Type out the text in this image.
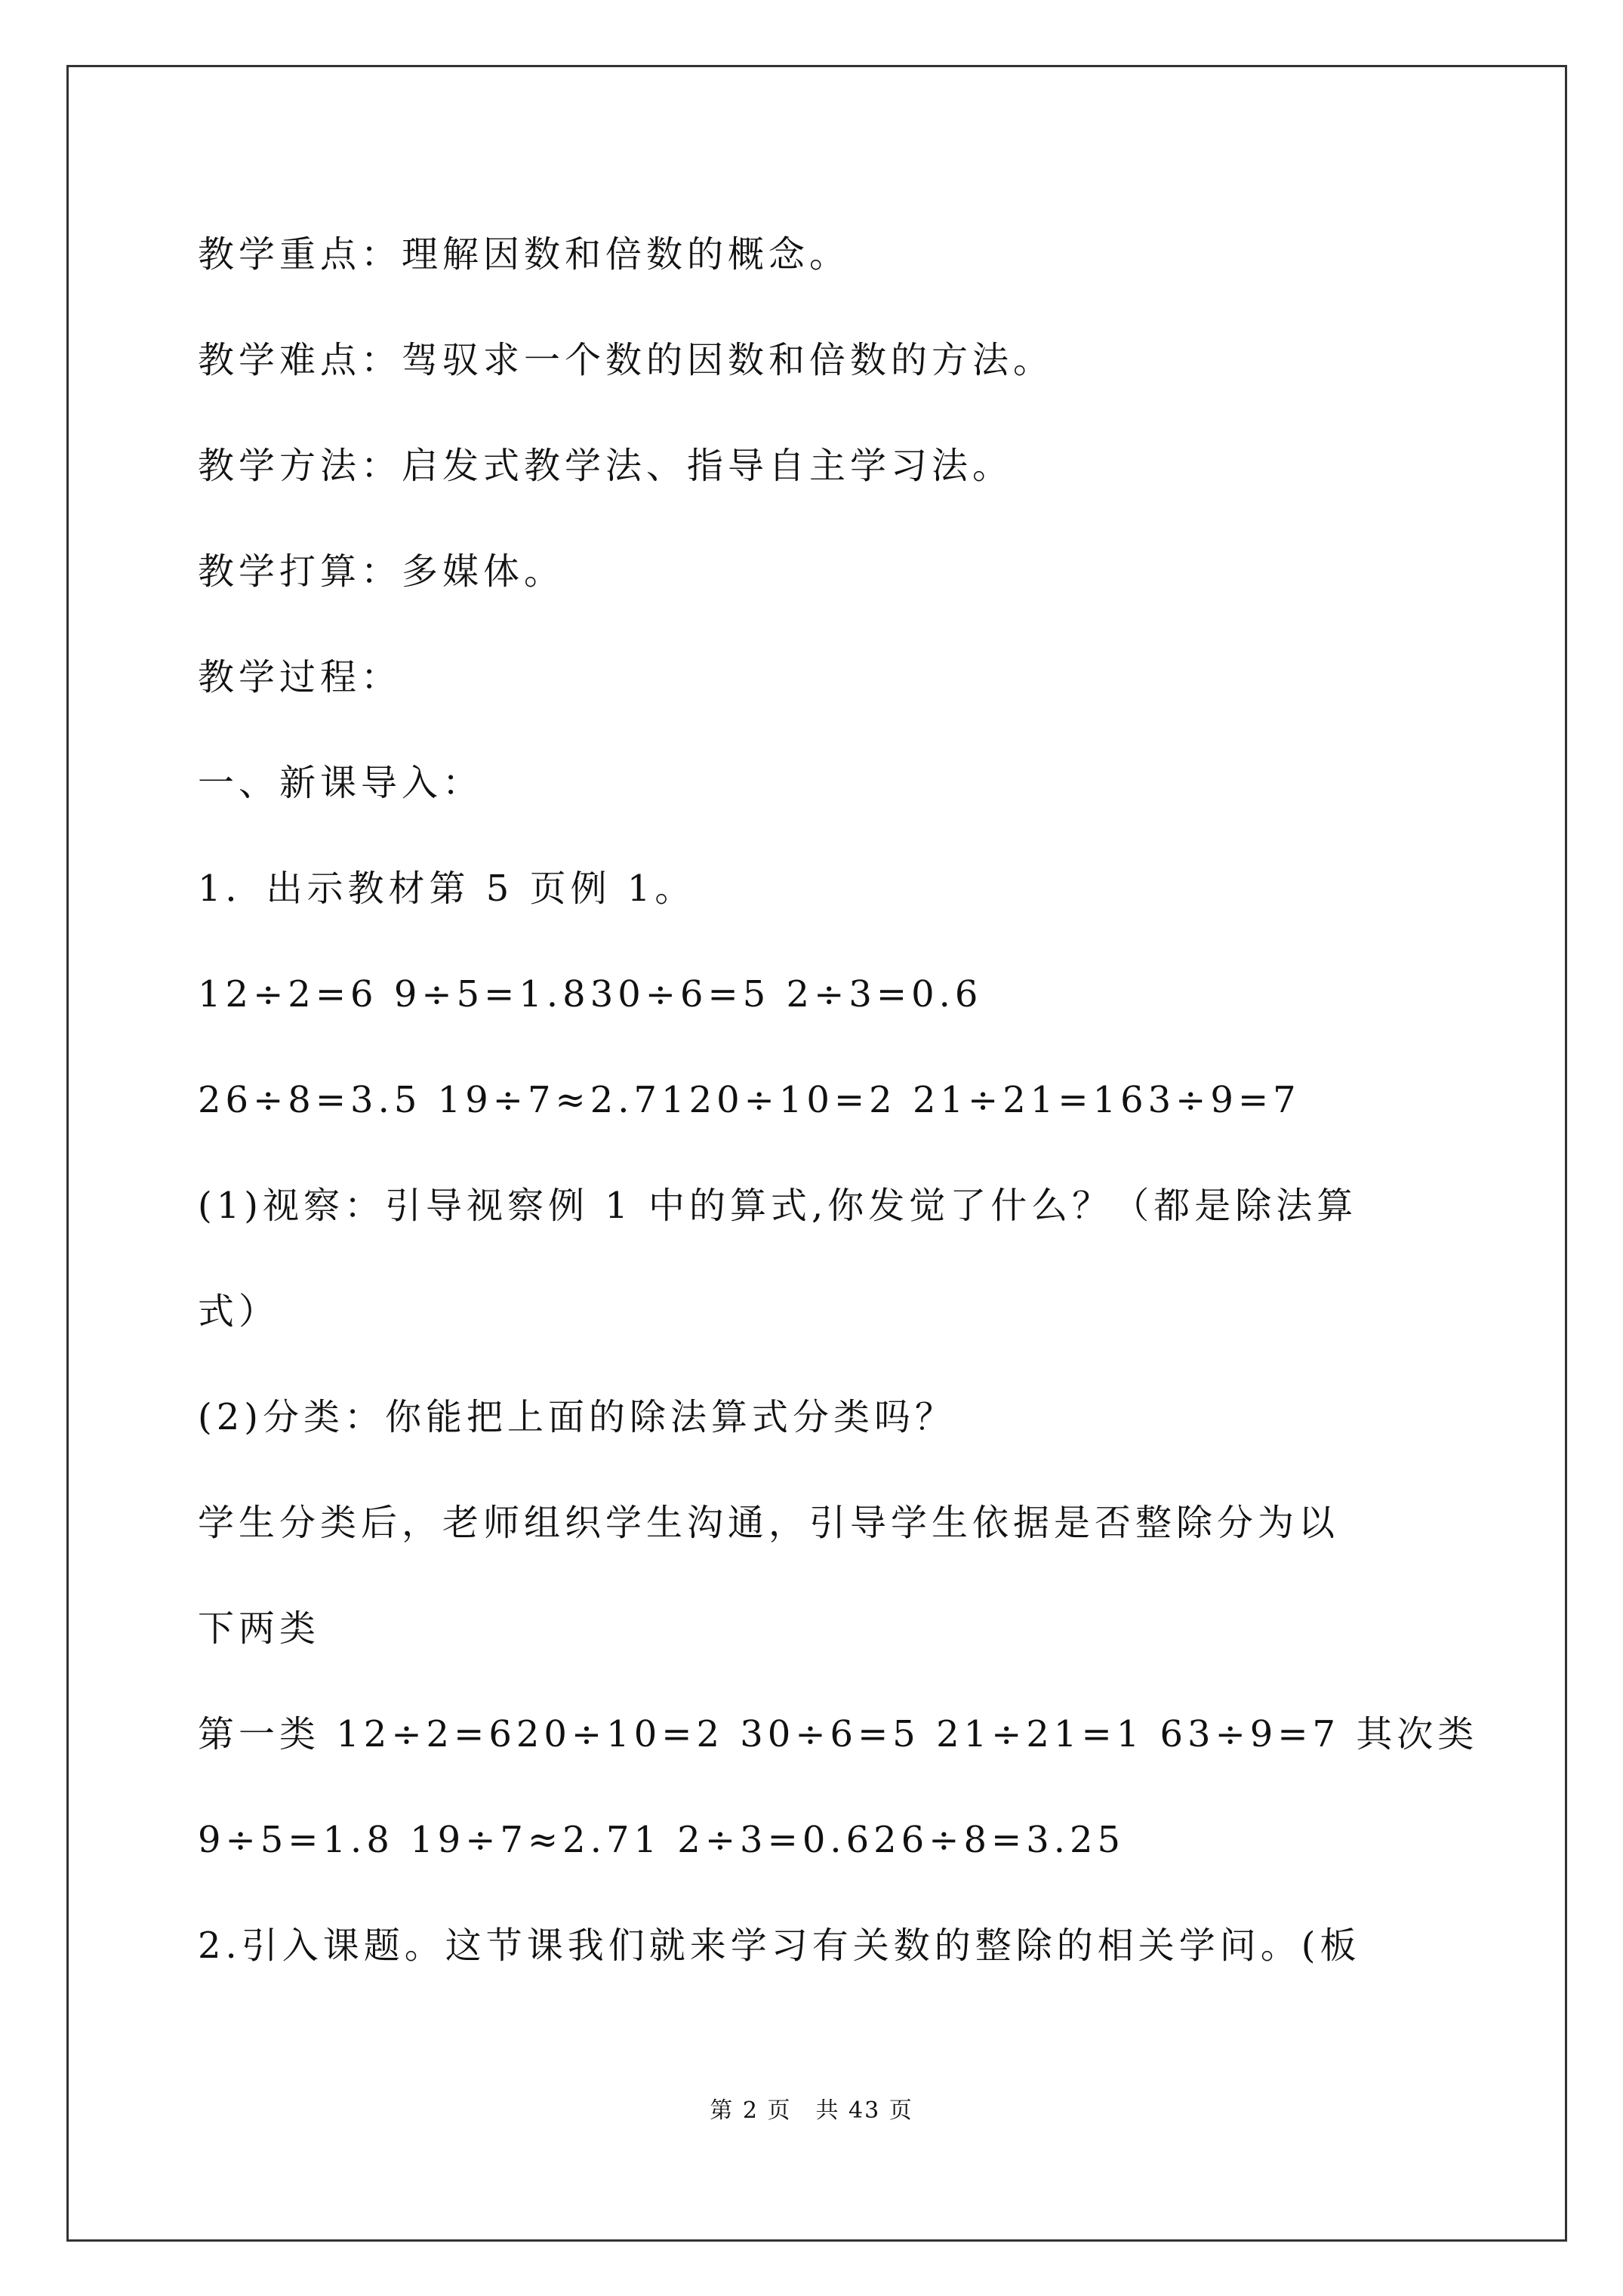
教学重点：理解因数和倍数的概念。
教学难点：驾驭求一个数的因数和倍数的方法。
教学方法：启发式教学法、指导自主学习法。
教学打算：多媒体。
教学过程：
一、新课导入：
1．出示教材第 5 页例 1。
12÷2=6 9÷5=1.830÷6=5 2÷3=0.6
26÷8=3.5 19÷7≈2.7120÷10=2 21÷21=163÷9=7
(1)视察：引导视察例 1 中的算式,你发觉了什么？（都是除法算
式）
(2)分类：你能把上面的除法算式分类吗？
学生分类后，老师组织学生沟通，引导学生依据是否整除分为以
下两类
第一类 12÷2=620÷10=2 30÷6=5 21÷21=1 63÷9=7 其次类
9÷5=1.8 19÷7≈2.71 2÷3=0.626÷8=3.25
2.引入课题。这节课我们就来学习有关数的整除的相关学问。(板
第 2 页　共 43 页
